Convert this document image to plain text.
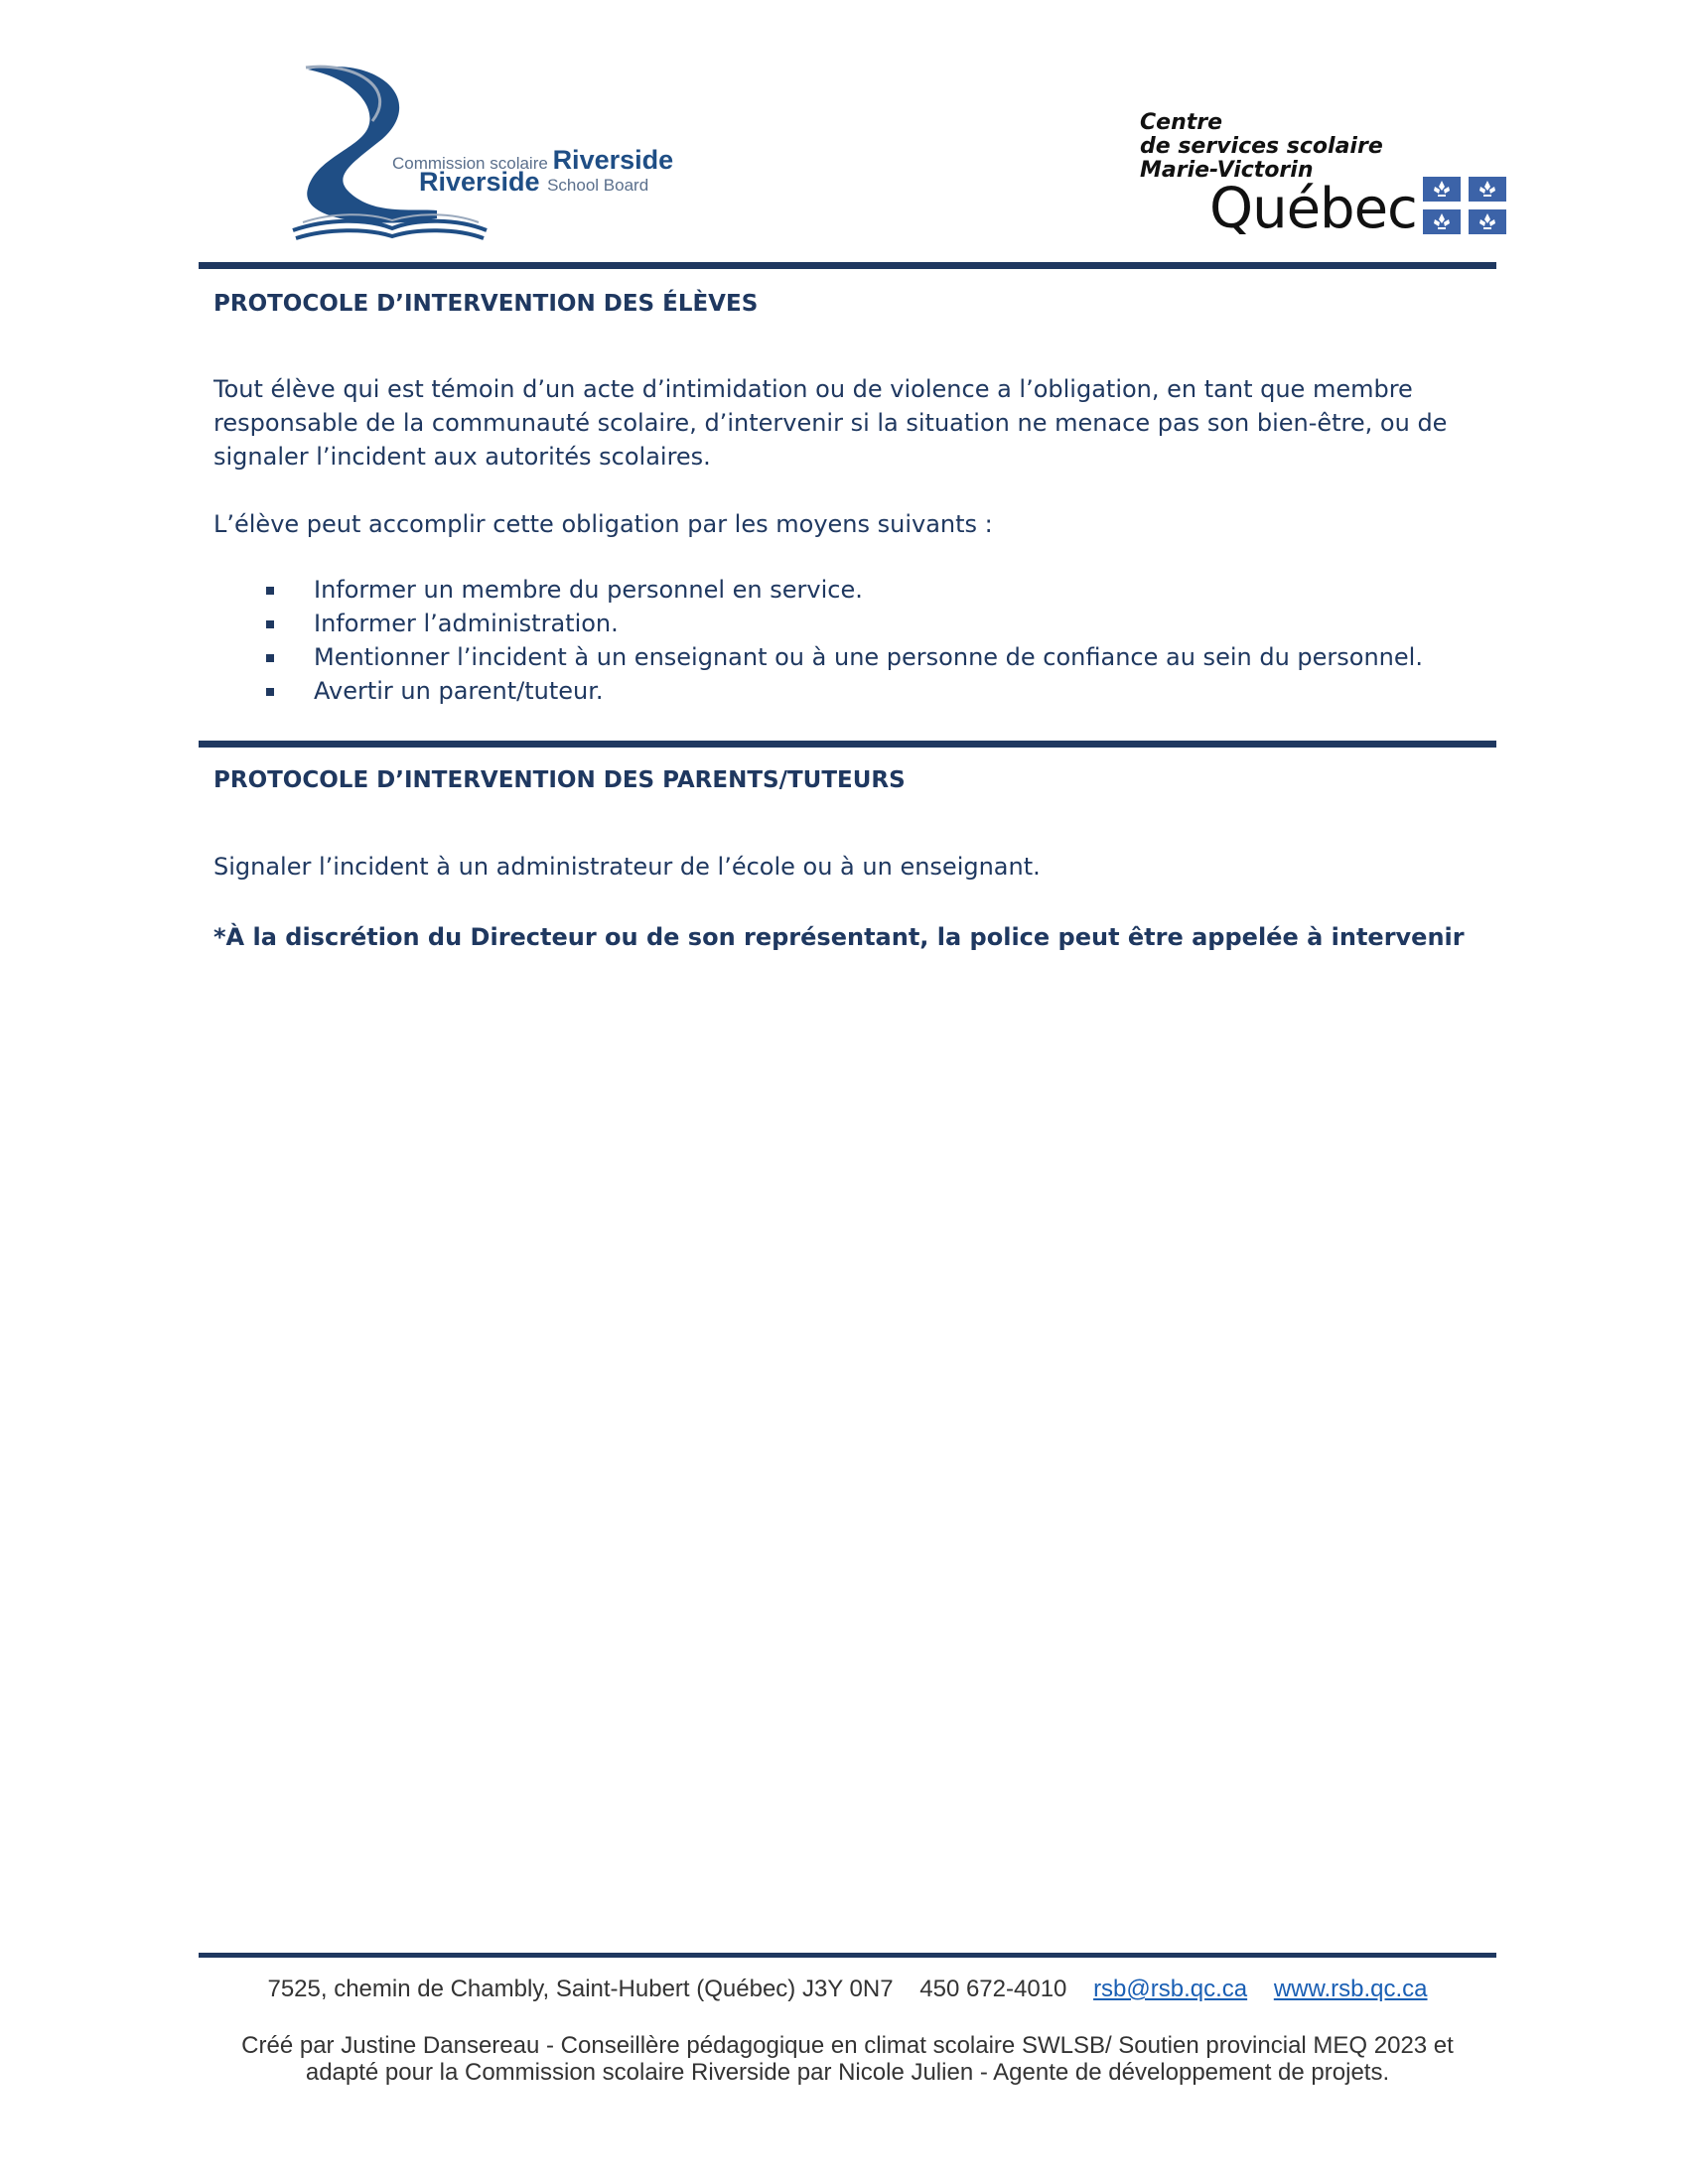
Commission scolaire Riverside
Riverside School Board
Centre
de services scolaire
Marie-Victorin
Québec
PROTOCOLE D’INTERVENTION DES ÉLÈVES
Tout élève qui est témoin d’un acte d’intimidation ou de violence a l’obligation, en tant que membre responsable de la communauté scolaire, d’intervenir si la situation ne menace pas son bien-être, ou de signaler l’incident aux autorités scolaires.
L’élève peut accomplir cette obligation par les moyens suivants :
Informer un membre du personnel en service.
Informer l’administration.
Mentionner l’incident à un enseignant ou à une personne de confiance au sein du personnel.
Avertir un parent/tuteur.
PROTOCOLE D’INTERVENTION DES PARENTS/TUTEURS
Signaler l’incident à un administrateur de l’école ou à un enseignant.
*À la discrétion du Directeur ou de son représentant, la police peut être appelée à intervenir
7525, chemin de Chambly, Saint-Hubert (Québec) J3Y 0N7 450 672-4010 rsb@rsb.qc.ca www.rsb.qc.ca
Créé par Justine Dansereau - Conseillère pédagogique en climat scolaire SWLSB/ Soutien provincial MEQ 2023 et
adapté pour la Commission scolaire Riverside par Nicole Julien - Agente de développement de projets.
